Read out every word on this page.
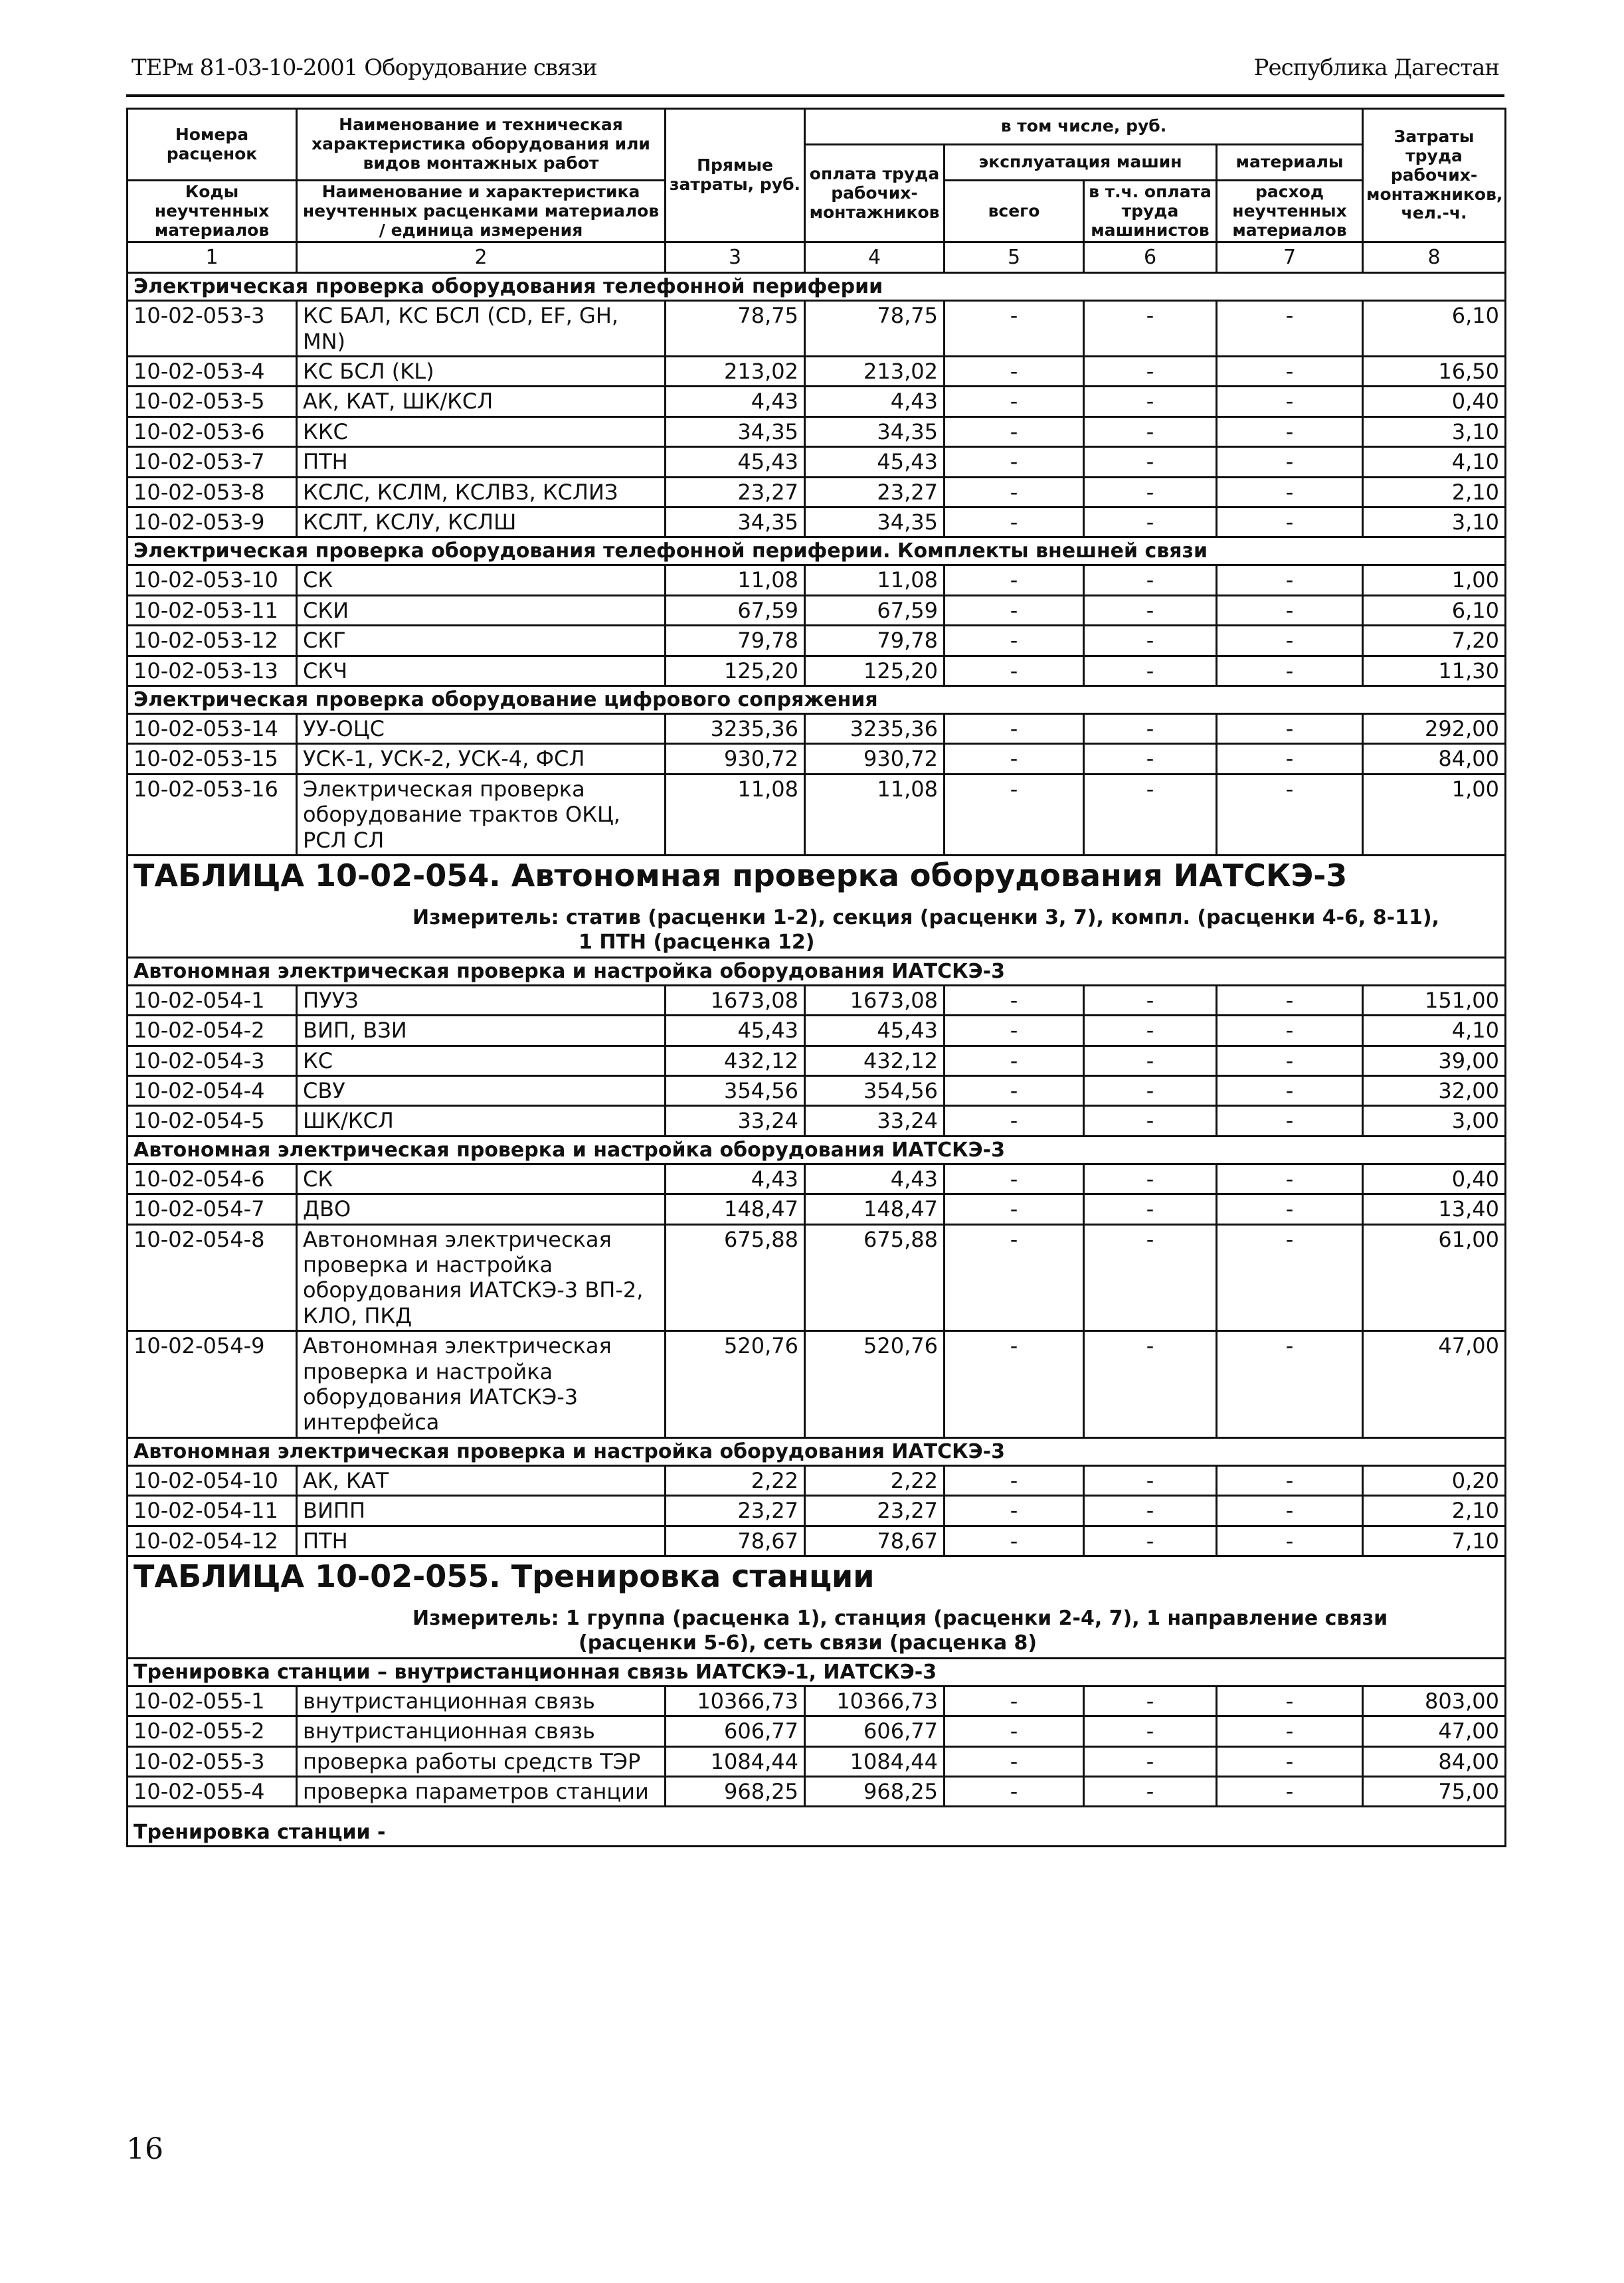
ТЕРм 81-03-10-2001 Оборудование связи	Республика Дагестан
Номера расценок	Наименование и техническая характеристика оборудования или видов монтажных работ	Прямые затраты, руб.	в том числе, руб.				Затраты труда рабочих-монтажников, чел.-ч.
			оплата труда рабочих-монтажников	эксплуатация машин		материалы	
Коды неучтенных материалов	Наименование и характеристика неучтенных расценками материалов / единица измерения			всего	в т.ч. оплата труда машинистов	расход неучтенных материалов	

1	2	3	4	5	6	7	8
Электрическая проверка оборудования телефонной периферии							
10-02-053-3	КС БАЛ, КС БСЛ (CD, EF, GH, MN)	78,75	78,75	-	-	-	6,10
10-02-053-4	КС БСЛ (KL)	213,02	213,02	-	-	-	16,50
10-02-053-5	АК, КАТ, ШК/КСЛ	4,43	4,43	-	-	-	0,40
10-02-053-6	ККС	34,35	34,35	-	-	-	3,10
10-02-053-7	ПТН	45,43	45,43	-	-	-	4,10
10-02-053-8	КСЛС, КСЛМ, КСЛВЗ, КСЛИЗ	23,27	23,27	-	-	-	2,10
10-02-053-9	КСЛТ, КСЛУ, КСЛШ	34,35	34,35	-	-	-	3,10
Электрическая проверка оборудования телефонной периферии. Комплекты внешней связи							
10-02-053-10	СК	11,08	11,08	-	-	-	1,00
10-02-053-11	СКИ	67,59	67,59	-	-	-	6,10
10-02-053-12	СКГ	79,78	79,78	-	-	-	7,20
10-02-053-13	СКЧ	125,20	125,20	-	-	-	11,30
Электрическая проверка оборудование цифрового сопряжения							
10-02-053-14	УУ-ОЦС	3235,36	3235,36	-	-	-	292,00
10-02-053-15	УСК-1, УСК-2, УСК-4, ФСЛ	930,72	930,72	-	-	-	84,00
10-02-053-16	Электрическая проверка оборудование трактов ОКЦ, РСЛ СЛ	11,08	11,08	-	-	-	1,00

ТАБЛИЦА 10-02-054. Автономная проверка оборудования ИАТСКЭ-3
Измеритель: статив (расценки 1-2), секция (расценки 3, 7), компл. (расценки 4-6, 8-11),
1 ПТН (расценка 12)							

Автономная электрическая проверка и настройка оборудования ИАТСКЭ-3							
10-02-054-1	ПУУЗ	1673,08	1673,08	-	-	-	151,00
10-02-054-2	ВИП, ВЗИ	45,43	45,43	-	-	-	4,10
10-02-054-3	КС	432,12	432,12	-	-	-	39,00
10-02-054-4	СВУ	354,56	354,56	-	-	-	32,00
10-02-054-5	ШК/КСЛ	33,24	33,24	-	-	-	3,00
Автономная электрическая проверка и настройка оборудования ИАТСКЭ-3							
10-02-054-6	СК	4,43	4,43	-	-	-	0,40
10-02-054-7	ДВО	148,47	148,47	-	-	-	13,40
10-02-054-8	Автономная электрическая проверка и настройка оборудования ИАТСКЭ-3 ВП-2, КЛО, ПКД	675,88	675,88	-	-	-	61,00
10-02-054-9	Автономная электрическая проверка и настройка оборудования ИАТСКЭ-3 интерфейса	520,76	520,76	-	-	-	47,00
Автономная электрическая проверка и настройка оборудования ИАТСКЭ-3							
10-02-054-10	АК, КАТ	2,22	2,22	-	-	-	0,20
10-02-054-11	ВИПП	23,27	23,27	-	-	-	2,10
10-02-054-12	ПТН	78,67	78,67	-	-	-	7,10

ТАБЛИЦА 10-02-055. Тренировка станции
Измеритель: 1 группа (расценка 1), станция (расценки 2-4, 7), 1 направление связи
(расценки 5-6), сеть связи (расценка 8)							

Тренировка станции – внутристанционная связь ИАТСКЭ-1, ИАТСКЭ-3							
10-02-055-1	внутристанционная связь	10366,73	10366,73	-	-	-	803,00
10-02-055-2	внутристанционная связь	606,77	606,77	-	-	-	47,00
10-02-055-3	проверка работы средств ТЭР	1084,44	1084,44	-	-	-	84,00
10-02-055-4	проверка параметров станции	968,25	968,25	-	-	-	75,00
Тренировка станции -							
16
